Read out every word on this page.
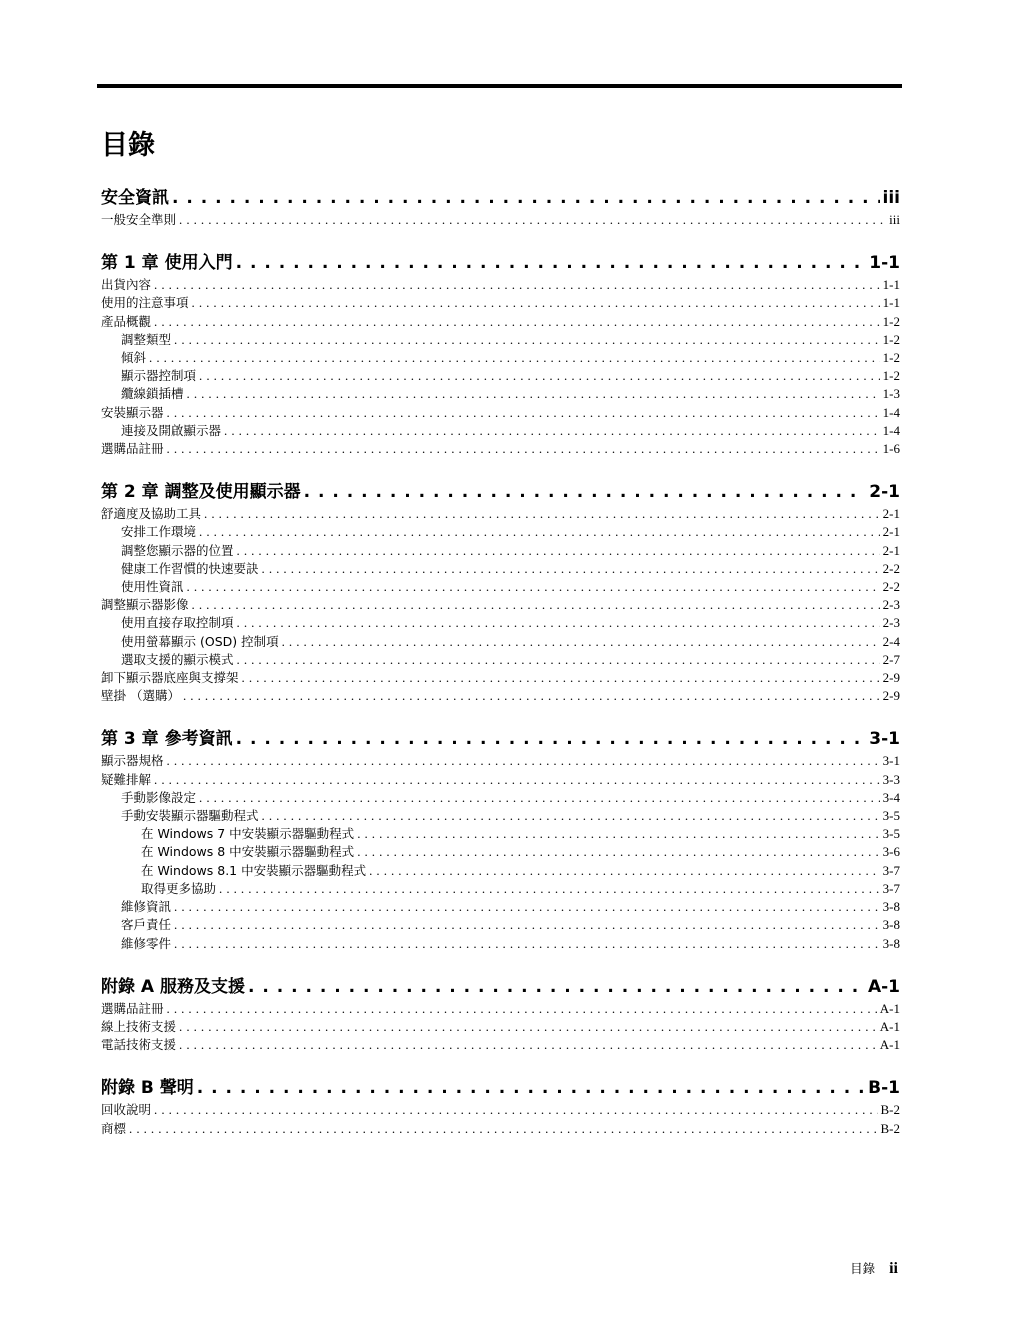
目錄
安全資訊 . . .	iii
一般安全準則 . . .	iii
第 1 章 使用入門 . . .	1-1
出貨內容 . . .	1-1
使用的注意事項 . . .	1-1
產品概觀 . . .	1-2
調整類型 . . .	1-2
傾斜 . . .	1-2
顯示器控制項 . . .	1-2
纜線鎖插槽 . . .	1-3
安裝顯示器 . . .	1-4
連接及開啟顯示器 . . .	1-4
選購品註冊 . . .	1-6
第 2 章 調整及使用顯示器 . . .	2-1
舒適度及協助工具 . . .	2-1
安排工作環境 . . .	2-1
調整您顯示器的位置 . . .	2-1
健康工作習慣的快速要訣 . . .	2-2
使用性資訊 . . .	2-2
調整顯示器影像 . . .	2-3
使用直接存取控制項 . . .	2-3
使用螢幕顯示 (OSD) 控制項 . . .	2-4
選取支援的顯示模式 . . .	2-7
卸下顯示器底座與支撐架 . . .	2-9
壁掛 （選購） . . .	2-9
第 3 章 參考資訊 . . .	3-1
顯示器規格 . . .	3-1
疑難排解 . . .	3-3
手動影像設定 . . .	3-4
手動安裝顯示器驅動程式 . . .	3-5
在 Windows 7 中安裝顯示器驅動程式 . . .	3-5
在 Windows 8 中安裝顯示器驅動程式 . . .	3-6
在 Windows 8.1 中安裝顯示器驅動程式 . . .	3-7
取得更多協助 . . .	3-7
維修資訊 . . .	3-8
客戶責任 . . .	3-8
維修零件 . . .	3-8
附錄 A 服務及支援 . . .	A-1
選購品註冊 . . .	A-1
線上技術支援 . . .	A-1
電話技術支援 . . .	A-1
附錄 B 聲明 . . .	B-1
回收說明 . . .	B-2
商標 . . .	B-2
目錄 ii
